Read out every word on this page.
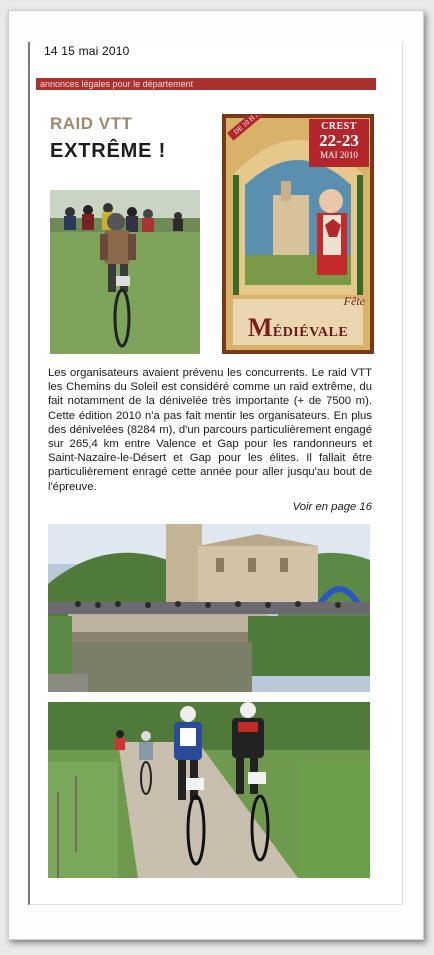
14 15 mai 2010
annonces légales pour le département
RAID VTT
EXTRÊME !
CREST
22-23
MAI 2010
Fête
MÉDIÉVALE

Les organisateurs avaient prévenu les concurrents. Le raid VTT les Chemins du Soleil est considéré comme un raid extrême, du fait notamment de la dénivelée très importante (+ de 7500 m). Cette édition 2010 n'a pas fait mentir les organisateurs. En plus des dénivelées (8284 m), d'un parcours particulièrement engagé sur 265,4 km entre Valence et Gap pour les randonneurs et Saint-Nazaire-le-Désert et Gap pour les élites. Il fallait être particulièrement enragé cette année pour aller jusqu'au bout de l'épreuve.

Voir en page 16
